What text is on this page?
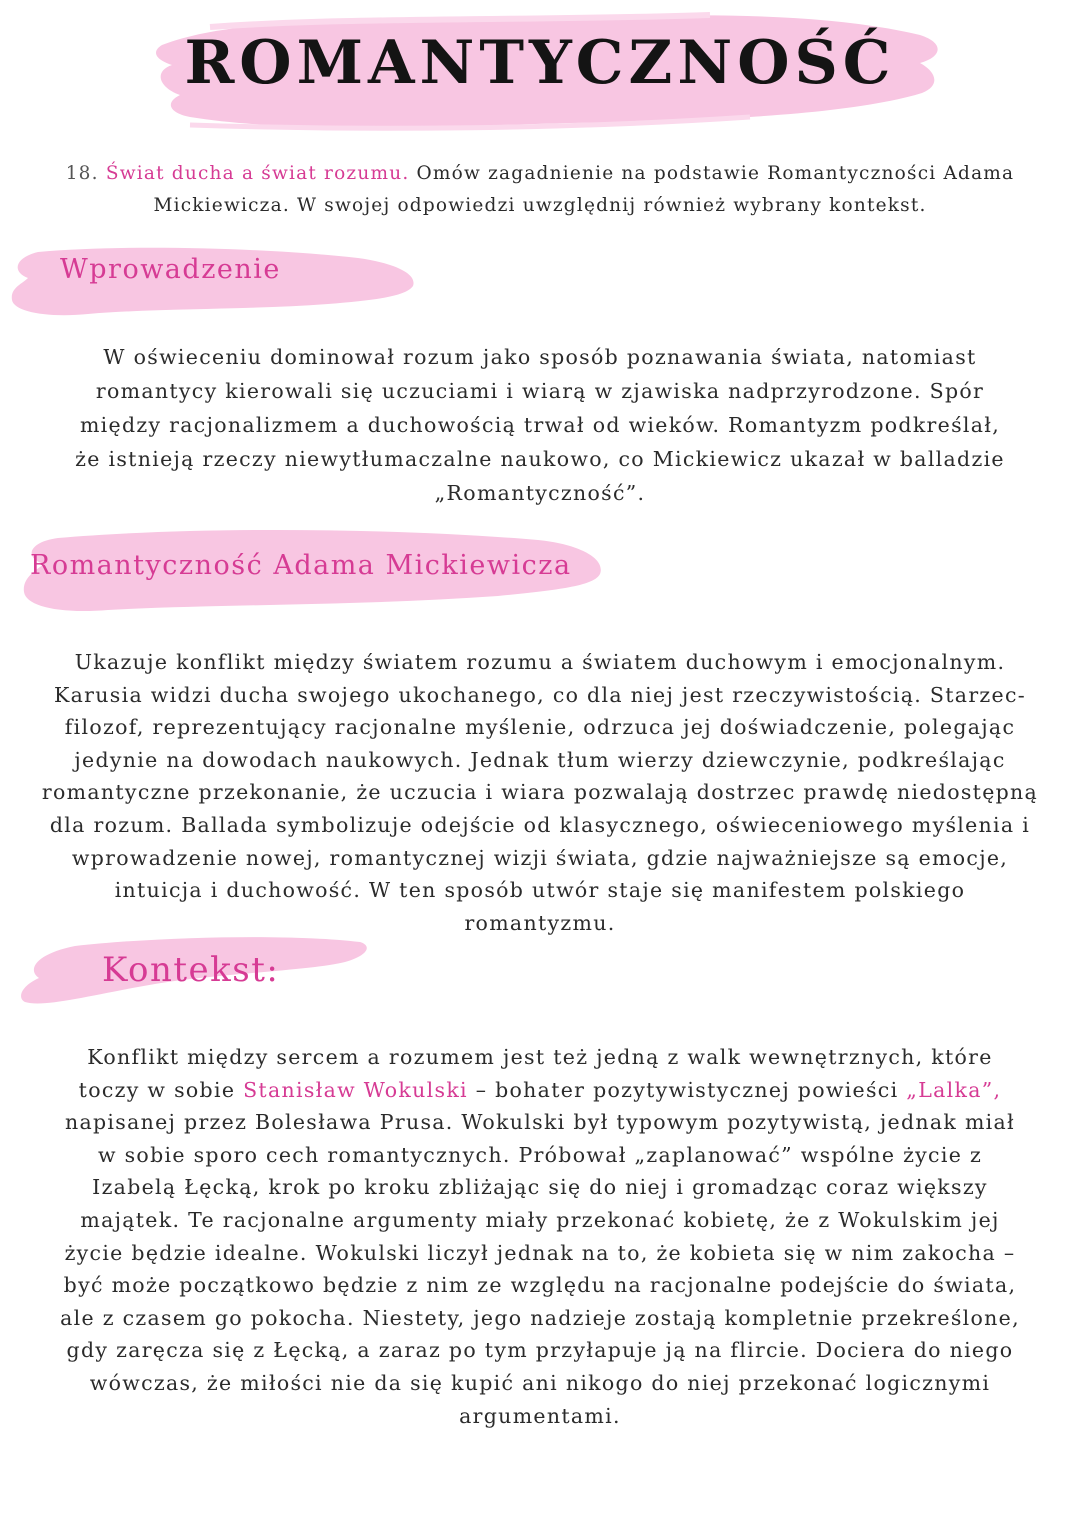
ROMANTYCZNOŚĆ

18. Świat ducha a świat rozumu. Omów zagadnienie na podstawie Romantyczności Adama
Mickiewicza. W swojej odpowiedzi uwzględnij również wybrany kontekst.

Wprowadzenie

W oświeceniu dominował rozum jako sposób poznawania świata, natomiast
romantycy kierowali się uczuciami i wiarą w zjawiska nadprzyrodzone. Spór
między racjonalizmem a duchowością trwał od wieków. Romantyzm podkreślał,
że istnieją rzeczy niewytłumaczalne naukowo, co Mickiewicz ukazał w balladzie
„Romantyczność”.

Romantyczność Adama Mickiewicza

Ukazuje konflikt między światem rozumu a światem duchowym i emocjonalnym.
Karusia widzi ducha swojego ukochanego, co dla niej jest rzeczywistością. Starzec-
filozof, reprezentujący racjonalne myślenie, odrzuca jej doświadczenie, polegając
jedynie na dowodach naukowych. Jednak tłum wierzy dziewczynie, podkreślając
romantyczne przekonanie, że uczucia i wiara pozwalają dostrzec prawdę niedostępną
dla rozum. Ballada symbolizuje odejście od klasycznego, oświeceniowego myślenia i
wprowadzenie nowej, romantycznej wizji świata, gdzie najważniejsze są emocje,
intuicja i duchowość. W ten sposób utwór staje się manifestem polskiego
romantyzmu.

Kontekst:

Konflikt między sercem a rozumem jest też jedną z walk wewnętrznych, które
toczy w sobie Stanisław Wokulski – bohater pozytywistycznej powieści „Lalka”,
napisanej przez Bolesława Prusa. Wokulski był typowym pozytywistą, jednak miał
w sobie sporo cech romantycznych. Próbował „zaplanować” wspólne życie z
Izabelą Łęcką, krok po kroku zbliżając się do niej i gromadząc coraz większy
majątek. Te racjonalne argumenty miały przekonać kobietę, że z Wokulskim jej
życie będzie idealne. Wokulski liczył jednak na to, że kobieta się w nim zakocha –
być może początkowo będzie z nim ze względu na racjonalne podejście do świata,
ale z czasem go pokocha. Niestety, jego nadzieje zostają kompletnie przekreślone,
gdy zaręcza się z Łęcką, a zaraz po tym przyłapuje ją na flircie. Dociera do niego
wówczas, że miłości nie da się kupić ani nikogo do niej przekonać logicznymi
argumentami.
